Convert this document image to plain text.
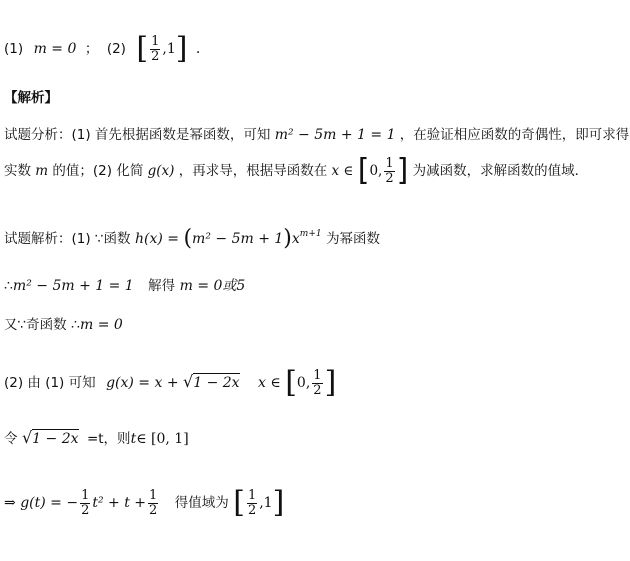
(1) m = 0 ； (2) [ $\frac{1}{2} ,1$] .
【解析】
试题分析：(1) 首先根据函数是幂函数，可知 m² − 5m + 1 = 1 ，在验证相应函数的奇偶性，即可求得
实数 m 的值；(2) 化简 g(x) ，再求导，根据导函数在 x ∈ [0, $\frac{1}{2}$ ] 为减函数，求解函数的值域．
试题解析：(1) ∵函数 $h(x) = (m^2 - 5m + 1)x^{m+1}$ 为幂函数
∴m² − 5m + 1 = 1 解得 m = 0或5
又∵奇函数 ∴m = 0
(2) 由 (1) 可知 g(x) = x + √1 − 2x x ∈ [0, $\frac{1}{2}$ ]
令 √1 − 2x =t，则t∈ [0, 1]
⇒ g(t) = − $\frac{1}{2} t^2 + t + \frac{1}{2}$ 得值域为 [ $\frac{1}{2} ,1$]
